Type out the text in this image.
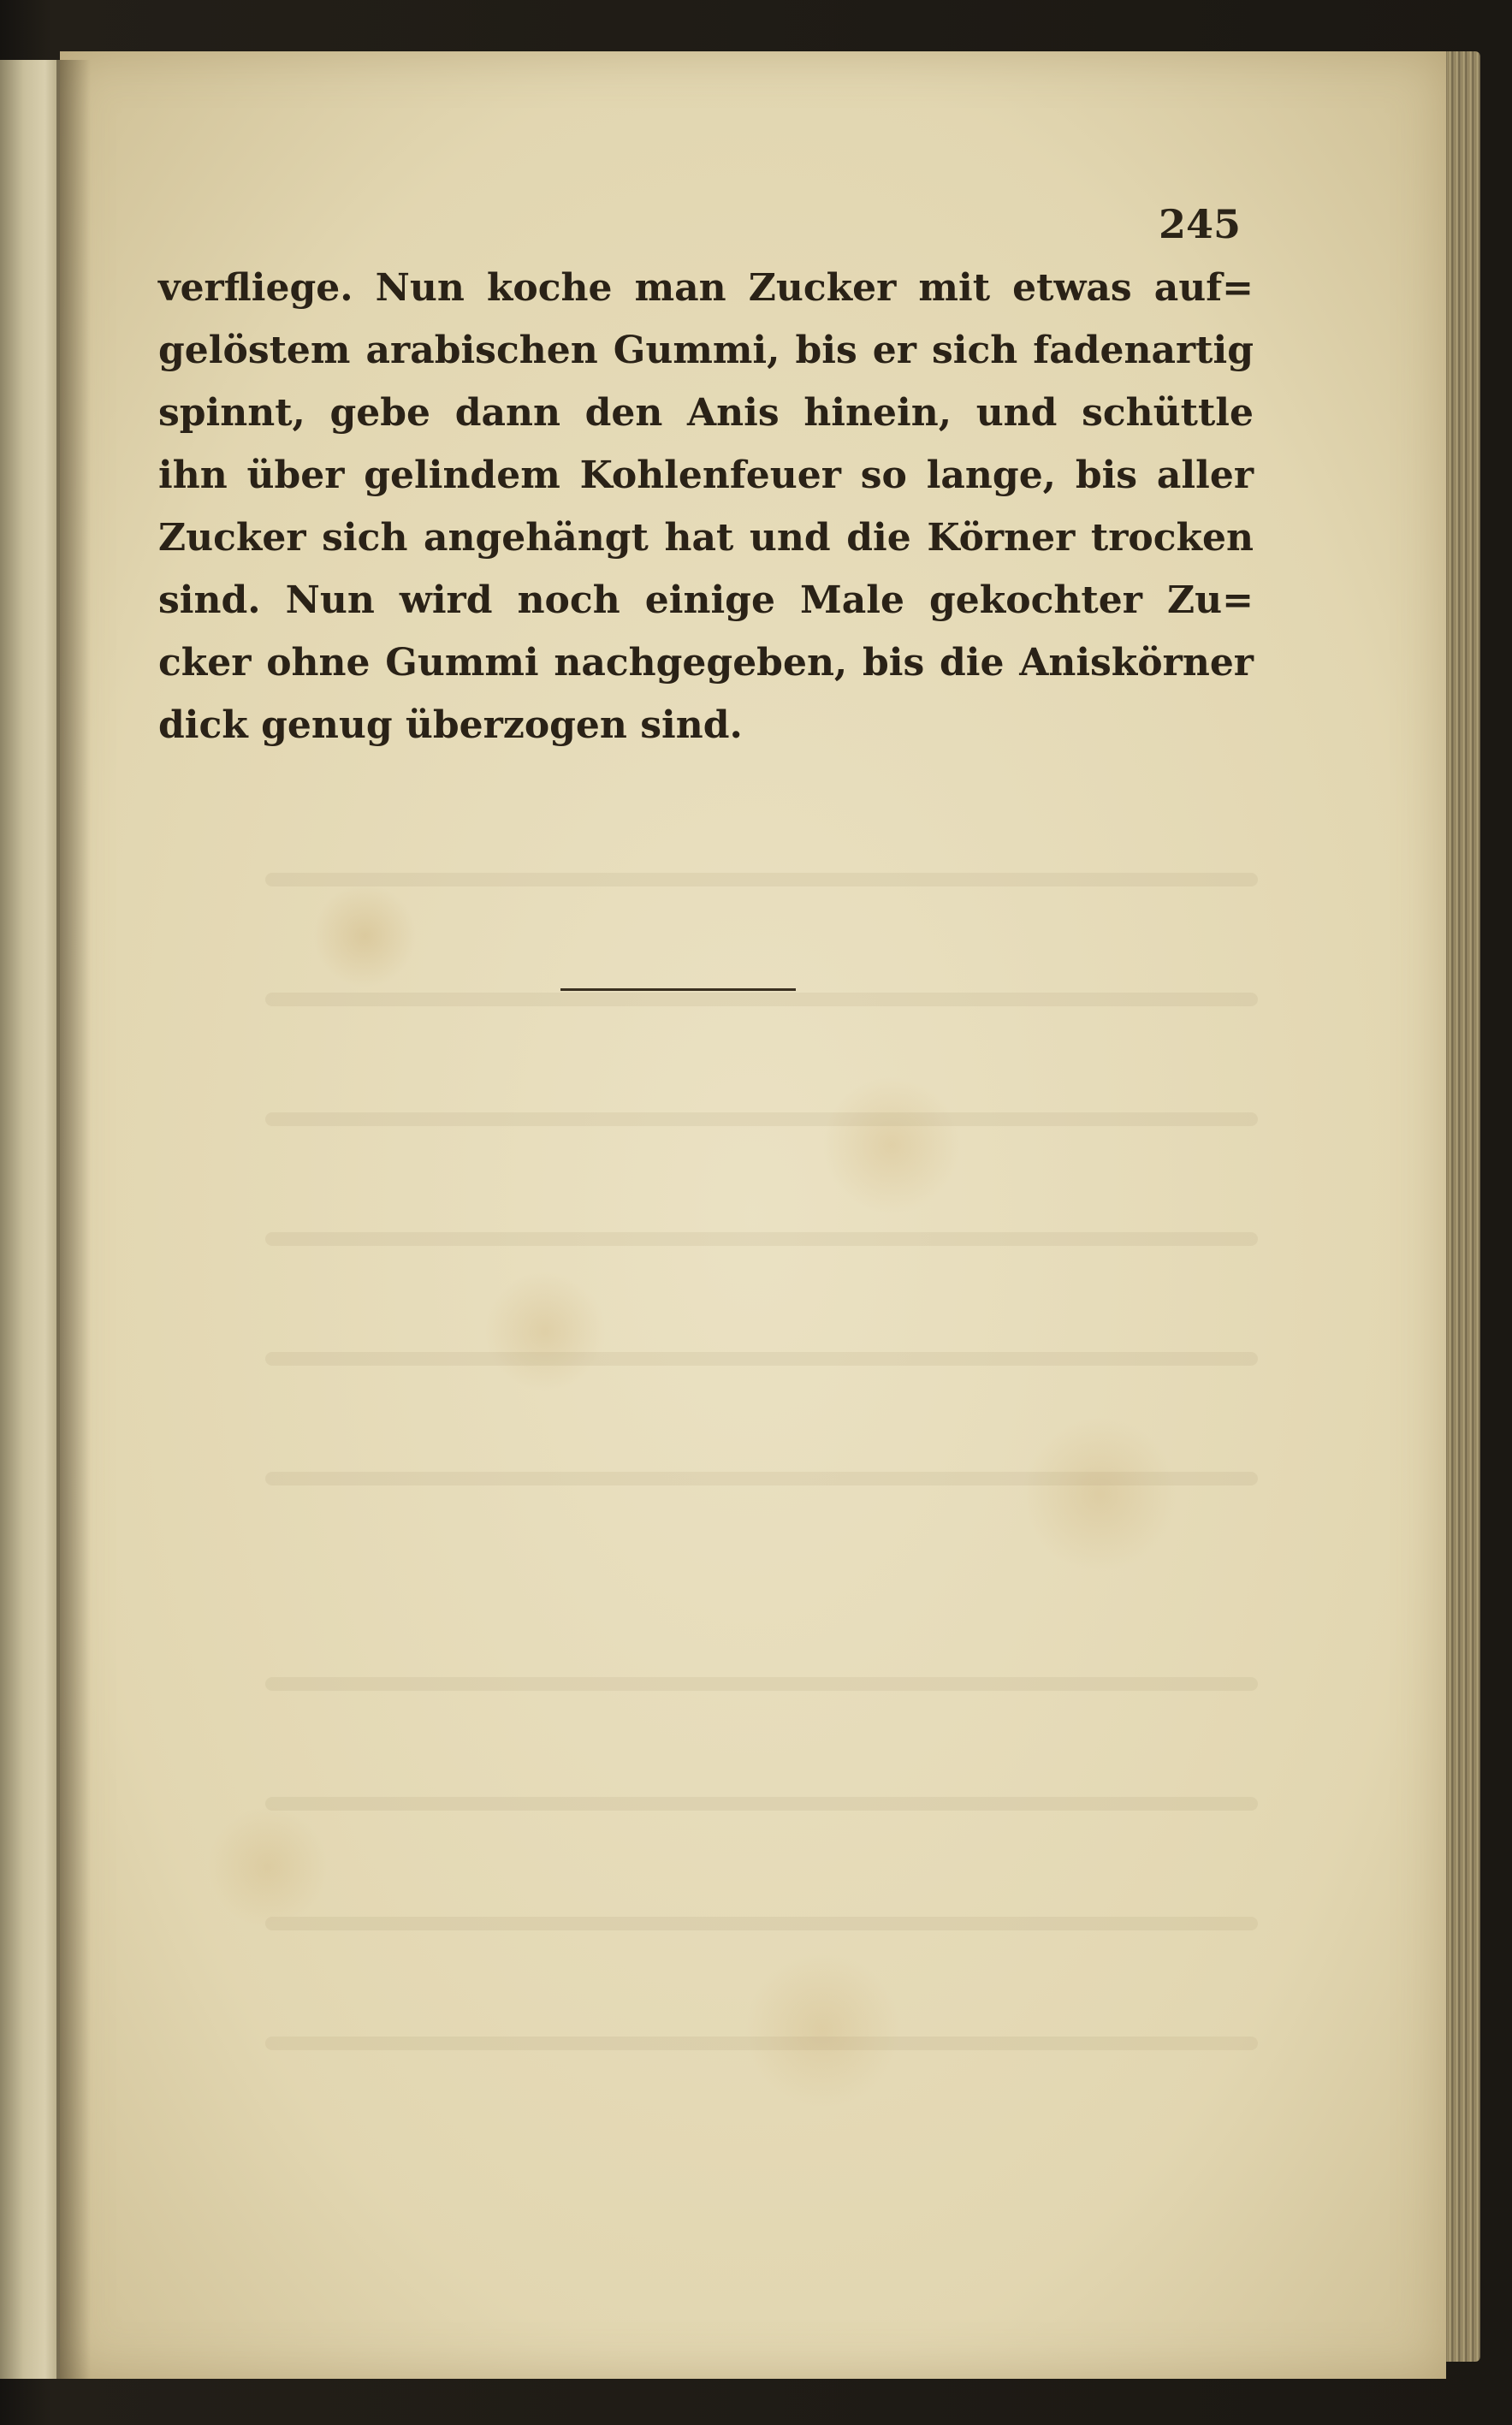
245

verfliege. Nun koche man Zucker mit etwas auf=
gelöstem arabischen Gummi, bis er sich fadenartig
spinnt, gebe dann den Anis hinein, und schüttle
ihn über gelindem Kohlenfeuer so lange, bis aller
Zucker sich angehängt hat und die Körner trocken
sind. Nun wird noch einige Male gekochter Zu=
cker ohne Gummi nachgegeben, bis die Aniskörner
dick genug überzogen sind.
